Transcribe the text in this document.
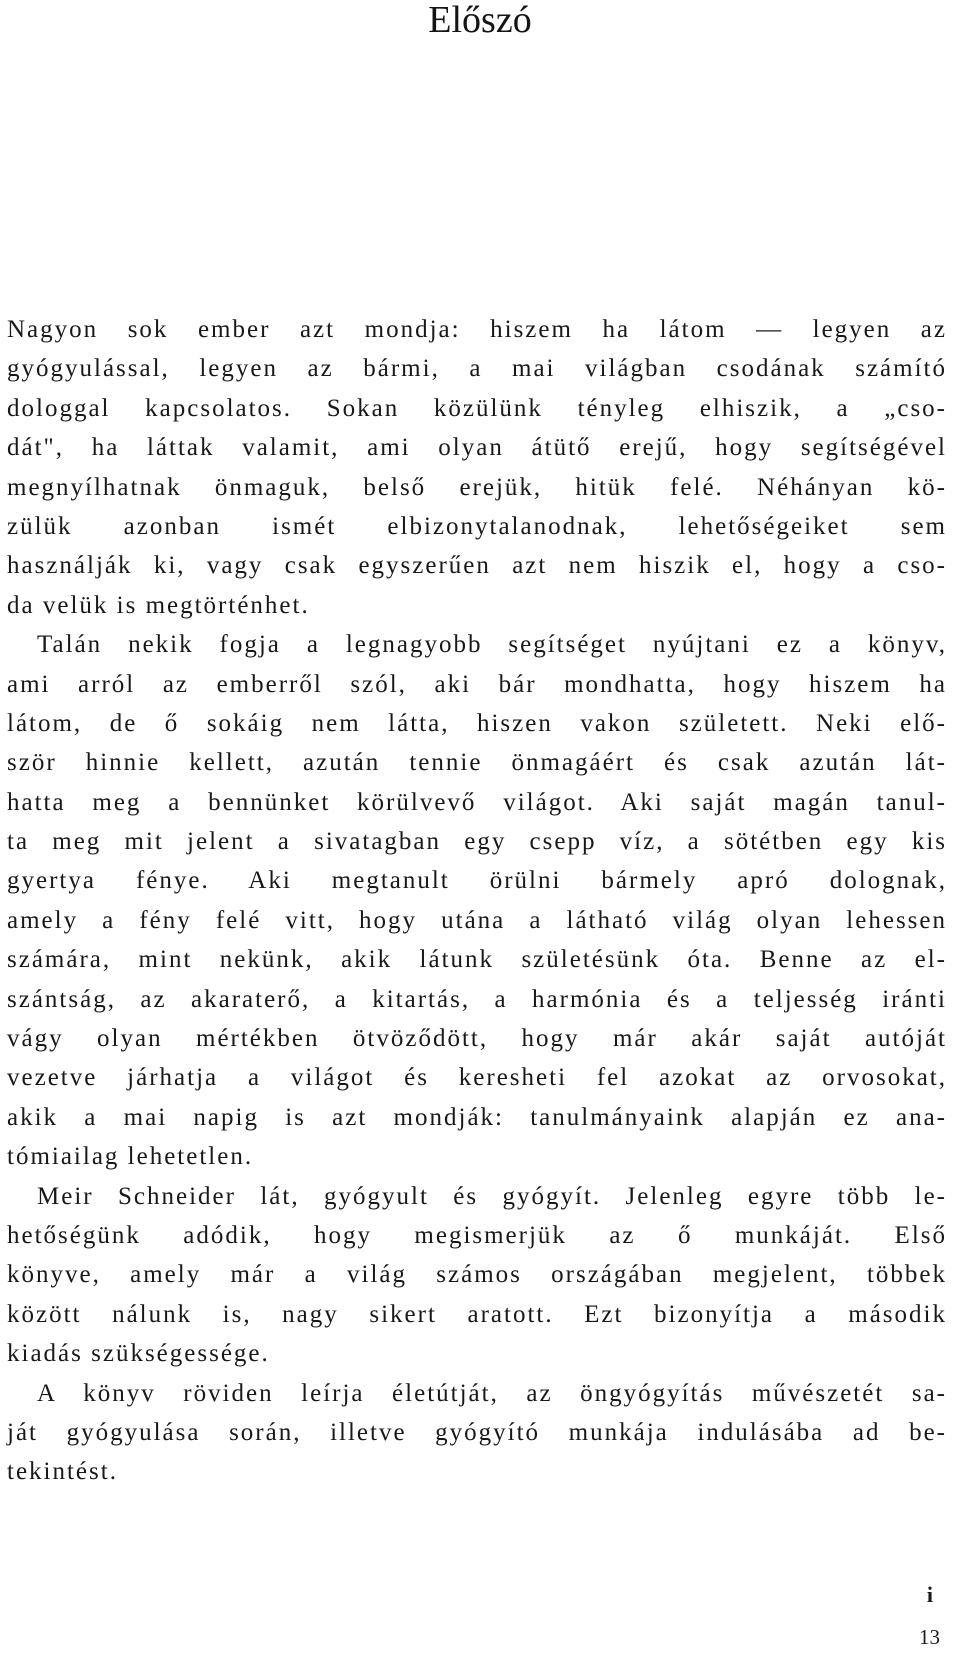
Előszó
Nagyon sok ember azt mondja: hiszem ha látom — legyen az
gyógyulással, legyen az bármi, a mai világban csodának számító
dologgal kapcsolatos. Sokan közülünk tényleg elhiszik, a „cso-
dát", ha láttak valamit, ami olyan átütő erejű, hogy segítségével
megnyílhatnak önmaguk, belső erejük, hitük felé. Néhányan kö-
zülük azonban ismét elbizonytalanodnak, lehetőségeiket sem
használják ki, vagy csak egyszerűen azt nem hiszik el, hogy a cso-
da velük is megtörténhet.
Talán nekik fogja a legnagyobb segítséget nyújtani ez a könyv,
ami arról az emberről szól, aki bár mondhatta, hogy hiszem ha
látom, de ő sokáig nem látta, hiszen vakon született. Neki elő-
ször hinnie kellett, azután tennie önmagáért és csak azután lát-
hatta meg a bennünket körülvevő világot. Aki saját magán tanul-
ta meg mit jelent a sivatagban egy csepp víz, a sötétben egy kis
gyertya fénye. Aki megtanult örülni bármely apró dolognak,
amely a fény felé vitt, hogy utána a látható világ olyan lehessen
számára, mint nekünk, akik látunk születésünk óta. Benne az el-
szántság, az akaraterő, a kitartás, a harmónia és a teljesség iránti
vágy olyan mértékben ötvöződött, hogy már akár saját autóját
vezetve járhatja a világot és keresheti fel azokat az orvosokat,
akik a mai napig is azt mondják: tanulmányaink alapján ez ana-
tómiailag lehetetlen.
Meir Schneider lát, gyógyult és gyógyít. Jelenleg egyre több le-
hetőségünk adódik, hogy megismerjük az ő munkáját. Első
könyve, amely már a világ számos országában megjelent, többek
között nálunk is, nagy sikert aratott. Ezt bizonyítja a második
kiadás szükségessége.
A könyv röviden leírja életútját, az öngyógyítás művészetét sa-
ját gyógyulása során, illetve gyógyító munkája indulásába ad be-
tekintést.
i
13
